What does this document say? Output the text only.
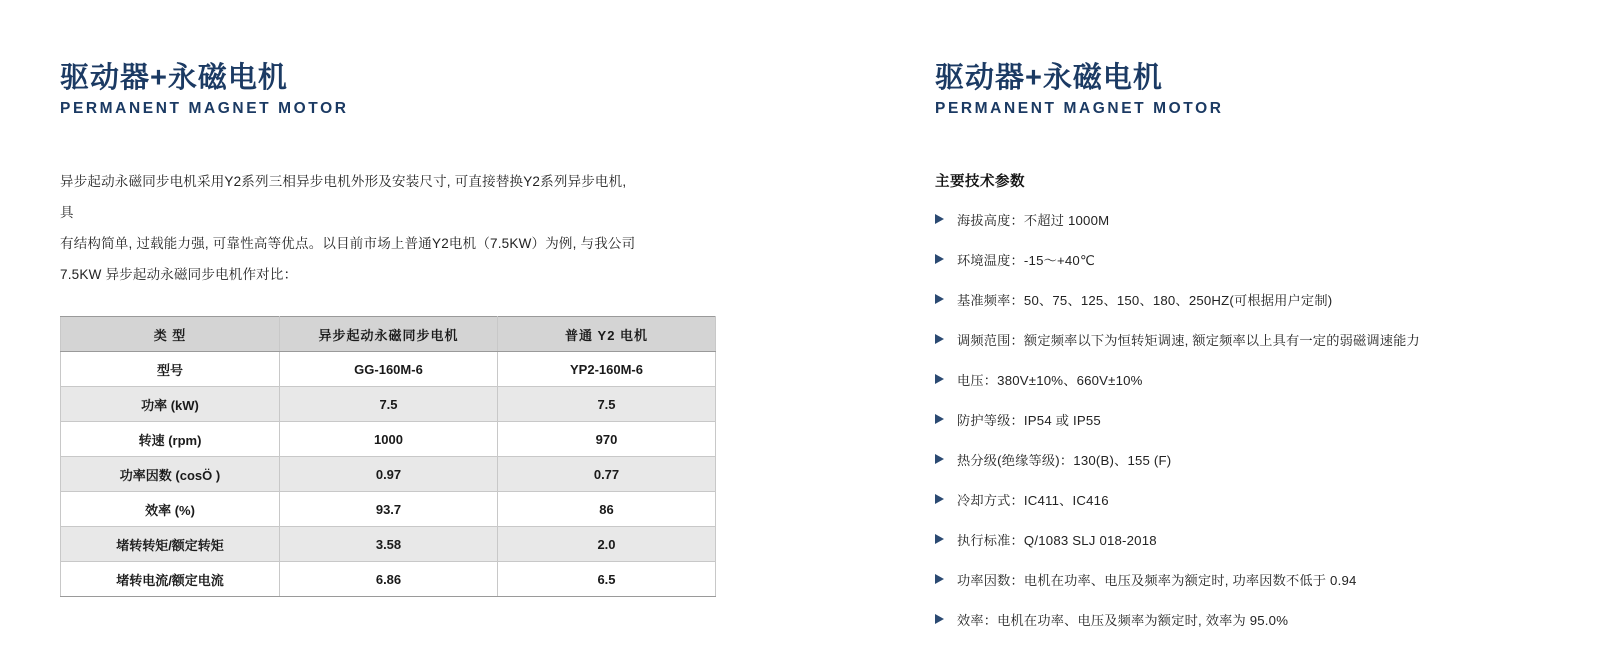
驱动器+永磁电机
PERMANENT MAGNET MOTOR
异步起动永磁同步电机采用Y2系列三相异步电机外形及安装尺寸, 可直接替换Y2系列异步电机, 具
有结构简单, 过载能力强, 可靠性高等优点。以目前市场上普通Y2电机（7.5KW）为例, 与我公司
7.5KW 异步起动永磁同步电机作对比：
类 型	异步起动永磁同步电机	普通 Y2 电机
型号	GG-160M-6	YP2-160M-6
功率 (kW)	7.5	7.5
转速 (rpm)	1000	970
功率因数 (cosÖ )	0.97	0.77
效率 (%)	93.7	86
堵转转矩/额定转矩	3.58	2.0
堵转电流/额定电流	6.86	6.5
驱动器+永磁电机
PERMANENT MAGNET MOTOR
主要技术参数
海拔高度：不超过 1000M
环境温度：-15～+40℃
基准频率：50、75、125、150、180、250HZ(可根据用户定制)
调频范围：额定频率以下为恒转矩调速, 额定频率以上具有一定的弱磁调速能力
电压：380V±10%、660V±10%
防护等级：IP54 或 IP55
热分级(绝缘等级)：130(B)、155 (F)
冷却方式：IC411、IC416
执行标准：Q/1083 SLJ 018-2018
功率因数：电机在功率、电压及频率为额定时, 功率因数不低于 0.94
效率：电机在功率、电压及频率为额定时, 效率为 95.0%
